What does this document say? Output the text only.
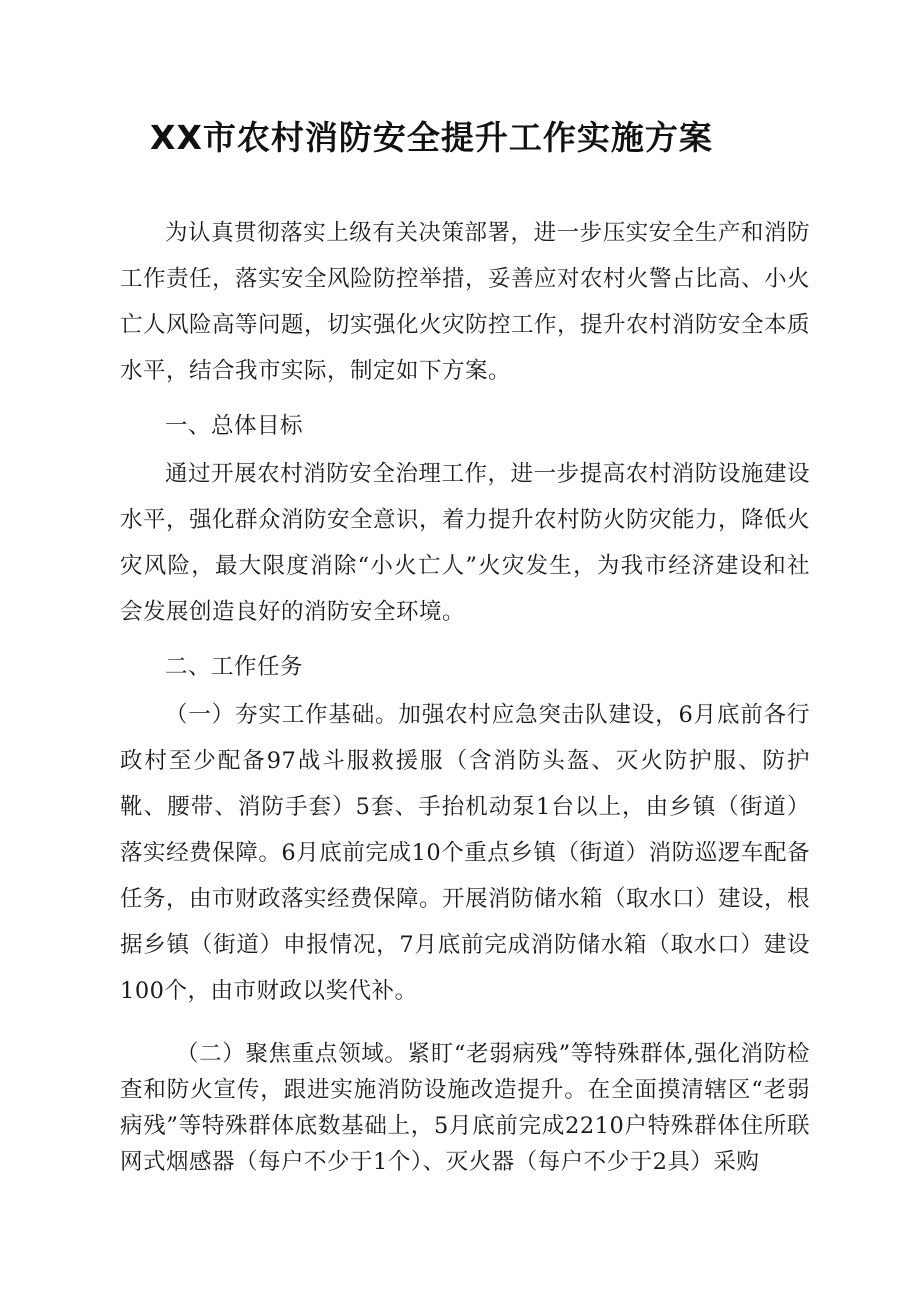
XX市农村消防安全提升工作实施方案
为认真贯彻落实上级有关决策部署，进一步压实安全生产和消防工作责任，落实安全风险防控举措，妥善应对农村火警占比高、小火亡人风险高等问题，切实强化火灾防控工作，提升农村消防安全本质水平，结合我市实际，制定如下方案。
一、总体目标
通过开展农村消防安全治理工作，进一步提高农村消防设施建设水平，强化群众消防安全意识，着力提升农村防火防灾能力，降低火灾风险，最大限度消除“小火亡人”火灾发生，为我市经济建设和社会发展创造良好的消防安全环境。
二、工作任务
（一）夯实工作基础。加强农村应急突击队建设，6月底前各行政村至少配备97战斗服救援服（含消防头盔、灭火防护服、防护靴、腰带、消防手套）5套、手抬机动泵1台以上，由乡镇（街道）落实经费保障。6月底前完成10个重点乡镇（街道）消防巡逻车配备任务，由市财政落实经费保障。开展消防储水箱（取水口）建设，根据乡镇（街道）申报情况，7月底前完成消防储水箱（取水口）建设100个，由市财政以奖代补。
（二）聚焦重点领域。紧盯“老弱病残”等特殊群体,强化消防检查和防火宣传，跟进实施消防设施改造提升。在全面摸清辖区“老弱病残”等特殊群体底数基础上，5月底前完成2210户特殊群体住所联网式烟感器（每户不少于1个）、灭火器（每户不少于2具）采购
